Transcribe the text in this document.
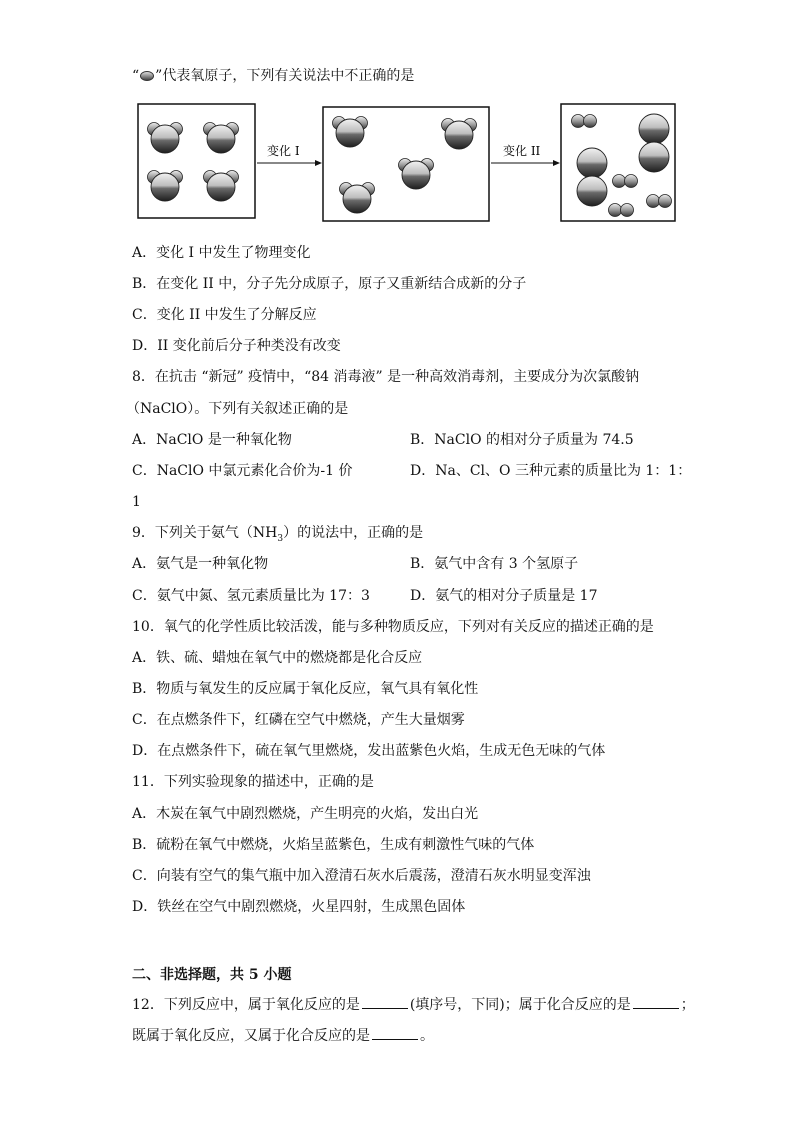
“ ”代表氧原子，下列有关说法中不正确的是
变化 I	变化 II
A．变化 I 中发生了物理变化
B．在变化 II 中，分子先分成原子，原子又重新结合成新的分子
C．变化 II 中发生了分解反应
D．II 变化前后分子种类没有改变
8．在抗击 “新冠” 疫情中，“84 消毒液” 是一种高效消毒剂，主要成分为次氯酸钠
（NaClO）。下列有关叙述正确的是
A．NaClO 是一种氧化物	B．NaClO 的相对分子质量为 74.5
C．NaClO 中氯元素化合价为-1 价	D．Na、Cl、O 三种元素的质量比为 1：1：
1
9．下列关于氨气$(NH_3)$的说法中，正确的是
A．氨气是一种氧化物	B．氨气中含有 3 个氢原子
C．氨气中氮、氢元素质量比为 17：3	D．氨气的相对分子质量是 17
10．氧气的化学性质比较活泼，能与多种物质反应，下列对有关反应的描述正确的是
A．铁、硫、蜡烛在氧气中的燃烧都是化合反应
B．物质与氧发生的反应属于氧化反应，氧气具有氧化性
C．在点燃条件下，红磷在空气中燃烧，产生大量烟雾
D．在点燃条件下，硫在氧气里燃烧，发出蓝紫色火焰，生成无色无味的气体
11．下列实验现象的描述中，正确的是
A．木炭在氧气中剧烈燃烧，产生明亮的火焰，发出白光
B．硫粉在氧气中燃烧，火焰呈蓝紫色，生成有刺激性气味的气体
C．向装有空气的集气瓶中加入澄清石灰水后震荡，澄清石灰水明显变浑浊
D．铁丝在空气中剧烈燃烧，火星四射，生成黑色固体
二、非选择题，共 5 小题
12．下列反应中，属于氧化反应的是	(填序号，下同)；属于化合反应的是	；
既属于氧化反应，又属于化合反应的是	。
